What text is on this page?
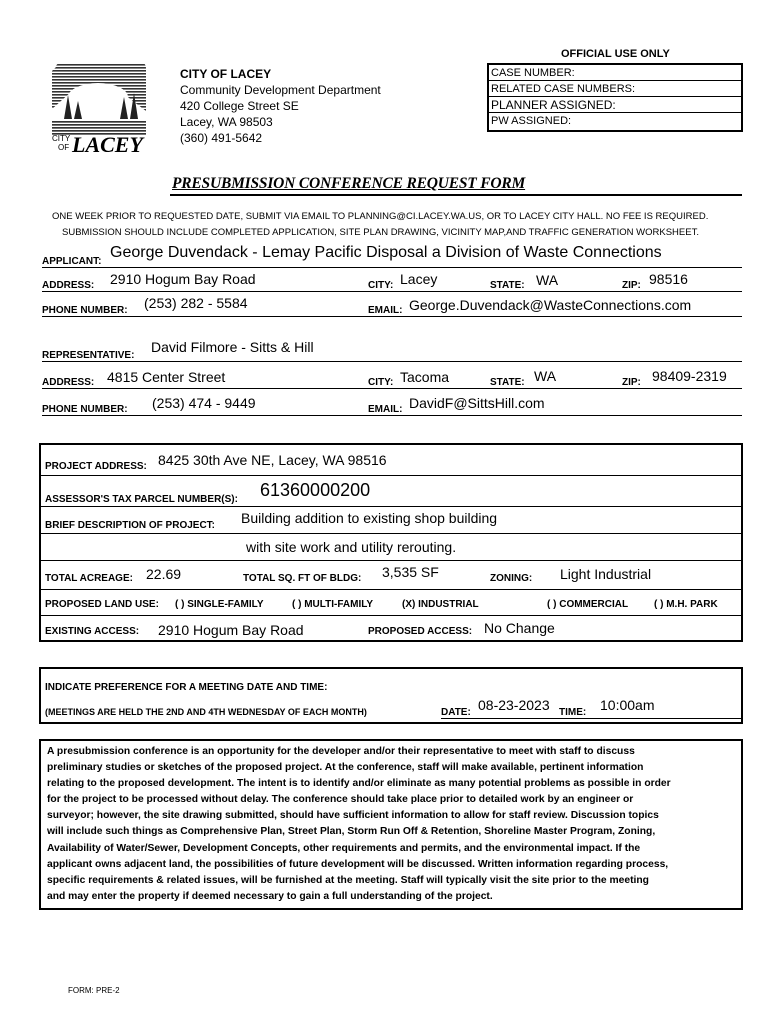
CITY
OF LACEY
CITY OF LACEY
Community Development Department
420 College Street SE
Lacey, WA 98503
(360) 491-5642
OFFICIAL USE ONLY
CASE NUMBER:
RELATED CASE NUMBERS:
PLANNER ASSIGNED:
PW ASSIGNED:
PRESUBMISSION CONFERENCE REQUEST FORM
ONE WEEK PRIOR TO REQUESTED DATE, SUBMIT VIA EMAIL TO PLANNING@CI.LACEY.WA.US, OR TO LACEY CITY HALL. NO FEE IS REQUIRED.
SUBMISSION SHOULD INCLUDE COMPLETED APPLICATION, SITE PLAN DRAWING, VICINITY MAP,AND TRAFFIC GENERATION WORKSHEET.
APPLICANT:
George Duvendack - Lemay Pacific Disposal a Division of Waste Connections
ADDRESS: 2910 Hogum Bay Road	CITY: Lacey	STATE: WA	ZIP: 98516
PHONE NUMBER: (253) 282 - 5584	EMAIL: George.Duvendack@WasteConnections.com
REPRESENTATIVE:
David Filmore - Sitts & Hill
ADDRESS: 4815 Center Street	CITY: Tacoma	STATE: WA	ZIP: 98409-2319
PHONE NUMBER: (253) 474 - 9449	EMAIL: DavidF@SittsHill.com
PROJECT ADDRESS: 8425 30th Ave NE, Lacey, WA 98516
ASSESSOR'S TAX PARCEL NUMBER(S): 61360000200
BRIEF DESCRIPTION OF PROJECT: Building addition to existing shop building
with site work and utility rerouting.
TOTAL ACREAGE: 22.69	TOTAL SQ. FT OF BLDG: 3,535 SF	ZONING: Light Industrial
PROPOSED LAND USE: ( ) SINGLE-FAMILY	( ) MULTI-FAMILY	(X) INDUSTRIAL	( ) COMMERCIAL	( ) M.H. PARK
EXISTING ACCESS: 2910 Hogum Bay Road	PROPOSED ACCESS: No Change
INDICATE PREFERENCE FOR A MEETING DATE AND TIME:
(MEETINGS ARE HELD THE 2ND AND 4TH WEDNESDAY OF EACH MONTH)	DATE: 08-23-2023 TIME: 10:00am
A presubmission conference is an opportunity for the developer and/or their representative to meet with staff to discuss
preliminary studies or sketches of the proposed project. At the conference, staff will make available, pertinent information
relating to the proposed development. The intent is to identify and/or eliminate as many potential problems as possible in order
for the project to be processed without delay. The conference should take place prior to detailed work by an engineer or
surveyor; however, the site drawing submitted, should have sufficient information to allow for staff review. Discussion topics
will include such things as Comprehensive Plan, Street Plan, Storm Run Off & Retention, Shoreline Master Program, Zoning,
Availability of Water/Sewer, Development Concepts, other requirements and permits, and the environmental impact. If the
applicant owns adjacent land, the possibilities of future development will be discussed. Written information regarding process,
specific requirements & related issues, will be furnished at the meeting. Staff will typically visit the site prior to the meeting
and may enter the property if deemed necessary to gain a full understanding of the project.
FORM: PRE-2
